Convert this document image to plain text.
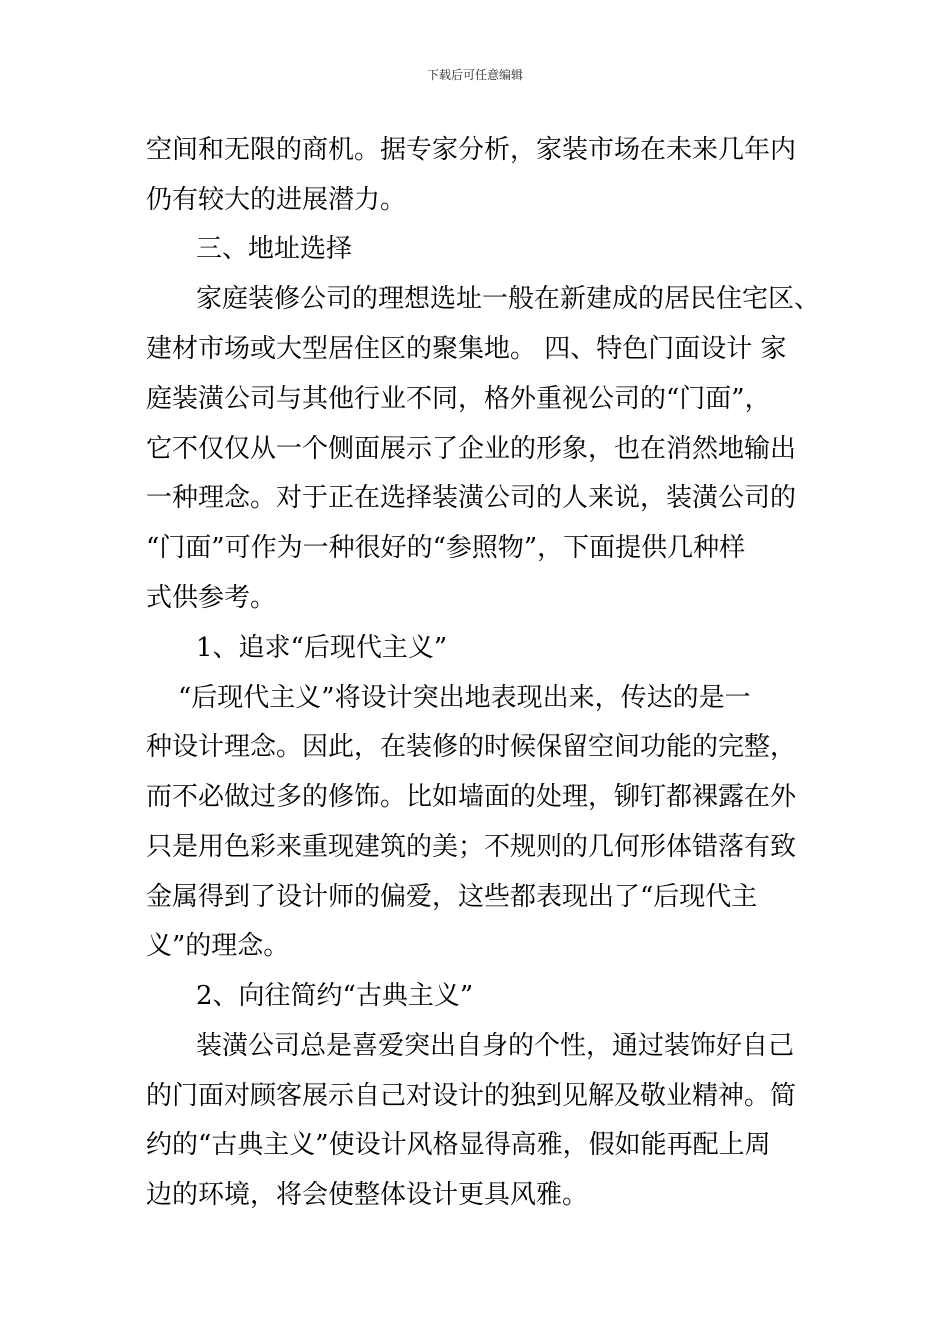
下载后可任意编辑
空间和无限的商机。据专家分析，家装市场在未来几年内
仍有较大的进展潜力。
三、地址选择
家庭装修公司的理想选址一般在新建成的居民住宅区、
建材市场或大型居住区的聚集地。 四、特色门面设计 家
庭装潢公司与其他行业不同，格外重视公司的“门面”，
它不仅仅从一个侧面展示了企业的形象，也在消然地输出
一种理念。对于正在选择装潢公司的人来说，装潢公司的
“门面”可作为一种很好的“参照物”，下面提供几种样
式供参考。
1、追求“后现代主义”
“后现代主义”将设计突出地表现出来，传达的是一
种设计理念。因此，在装修的时候保留空间功能的完整，
而不必做过多的修饰。比如墙面的处理，铆钉都裸露在外
只是用色彩来重现建筑的美；不规则的几何形体错落有致
金属得到了设计师的偏爱，这些都表现出了“后现代主
义”的理念。
2、向往简约“古典主义”
装潢公司总是喜爱突出自身的个性，通过装饰好自己
的门面对顾客展示自己对设计的独到见解及敬业精神。简
约的“古典主义”使设计风格显得高雅，假如能再配上周
边的环境，将会使整体设计更具风雅。
